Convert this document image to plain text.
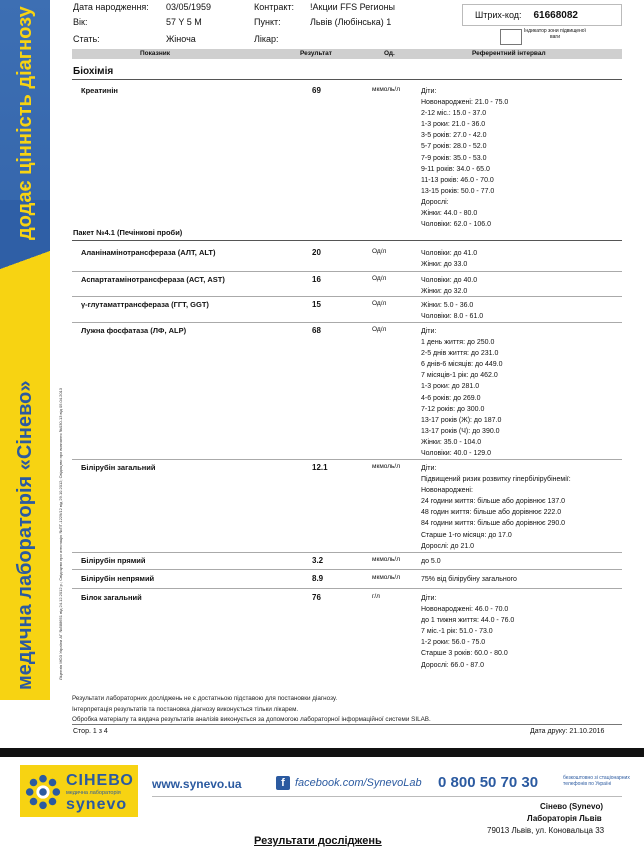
додає цінність діагнозу
медична лабораторія «Сінево»	Ліцензія МОЗ України АГ №588651 від 24.12.2012 р.; Свідоцтво про атестацію №ПТ-1229/12 від 29.10.2012; Свідоцтво про визнання №030-13 від 05.04.2013
Дата народження: 03/05/1959
Вік:	57 Y 5 M
Стать:	Жіноча
Контракт: !Акции FFS Регионы
Пункт:	Львів (Любінська) 1
Лікар:
Штрих-код: 61668082
Індикатор зони підвищеної ваги
Показник	Результат	Од.	Референтний інтервал
Біохімія
Креатинін	69	мкмоль/л	Діти:
Новонароджені: 21.0 - 75.0
2-12 міс.: 15.0 - 37.0
1-3 роки: 21.0 - 36.0
3-5 років: 27.0 - 42.0
5-7 років: 28.0 - 52.0
7-9 років: 35.0 - 53.0
9-11 років: 34.0 - 65.0
11-13 років: 46.0 - 70.0
13-15 років: 50.0 - 77.0
Дорослі:
Жінки: 44.0 - 80.0
Чоловіки: 62.0 - 106.0
Пакет №4.1 (Печінкові проби)
Аланінамінотрансфераза (АЛТ, ALT)	20	Од/л	Чоловіки: до 41.0
Жінки: до 33.0
Аспартатамінотрансфераза (АСТ, AST)	16	Од/л	Чоловіки: до 40.0
Жінки: до 32.0
γ-глутаматтрансфераза (ГГТ, GGT)	15	Од/л	Жінки: 5.0 - 36.0
Чоловіки: 8.0 - 61.0
Лужна фосфатаза (ЛФ, ALP)	68	Од/л	Діти:
1 день життя: до 250.0
2-5 днів життя: до 231.0
6 днів-6 місяців: до 449.0
7 місяців-1 рік: до 462.0
1-3 роки: до 281.0
4-6 років: до 269.0
7-12 років: до 300.0
13-17 років (Ж): до 187.0
13-17 років (Ч): до 390.0
Жінки: 35.0 - 104.0
Чоловіки: 40.0 - 129.0
Білірубін загальний	12.1	мкмоль/л	Діти:
Підвищений ризик розвитку гіпербілірубінемії:
Новонароджені:
24 години життя: більше або дорівнює 137.0
48 годин життя: більше або дорівнює 222.0
84 години життя: більше або дорівнює 290.0
Старше 1-го місяця: до 17.0
Дорослі: до 21.0
Білірубін прямий	3.2	мкмоль/л	до 5.0
Білірубін непрямий	8.9	мкмоль/л	75% від білірубіну загального
Білок загальний	76	г/л	Діти:
Новонароджені: 46.0 - 70.0
до 1 тижня життя: 44.0 - 76.0
7 міс.-1 рік: 51.0 - 73.0
1-2 роки: 56.0 - 75.0
Старше 3 років: 60.0 - 80.0
Дорослі: 66.0 - 87.0
Результати лабораторних досліджень не є достатньою підставою для постановки діагнозу.
Інтерпретація результатів та постановка діагнозу виконується тільки лікарем.
Обробка матеріалу та видача результатів аналізів виконується за допомогою лабораторної інформаційної системи SILAB.
Стор. 1 з 4	Дата друку: 21.10.2016
СІНЕВО
медична лабораторія
synevo
www.synevo.ua	f facebook.com/SynevoLab 0 800 50 70 30	безкоштовно зі стаціонарних телефонів по Україні
Сінево (Synevo)
Лабораторія Львів
79013 Львів, ул. Коновальца 33
Результати досліджень
